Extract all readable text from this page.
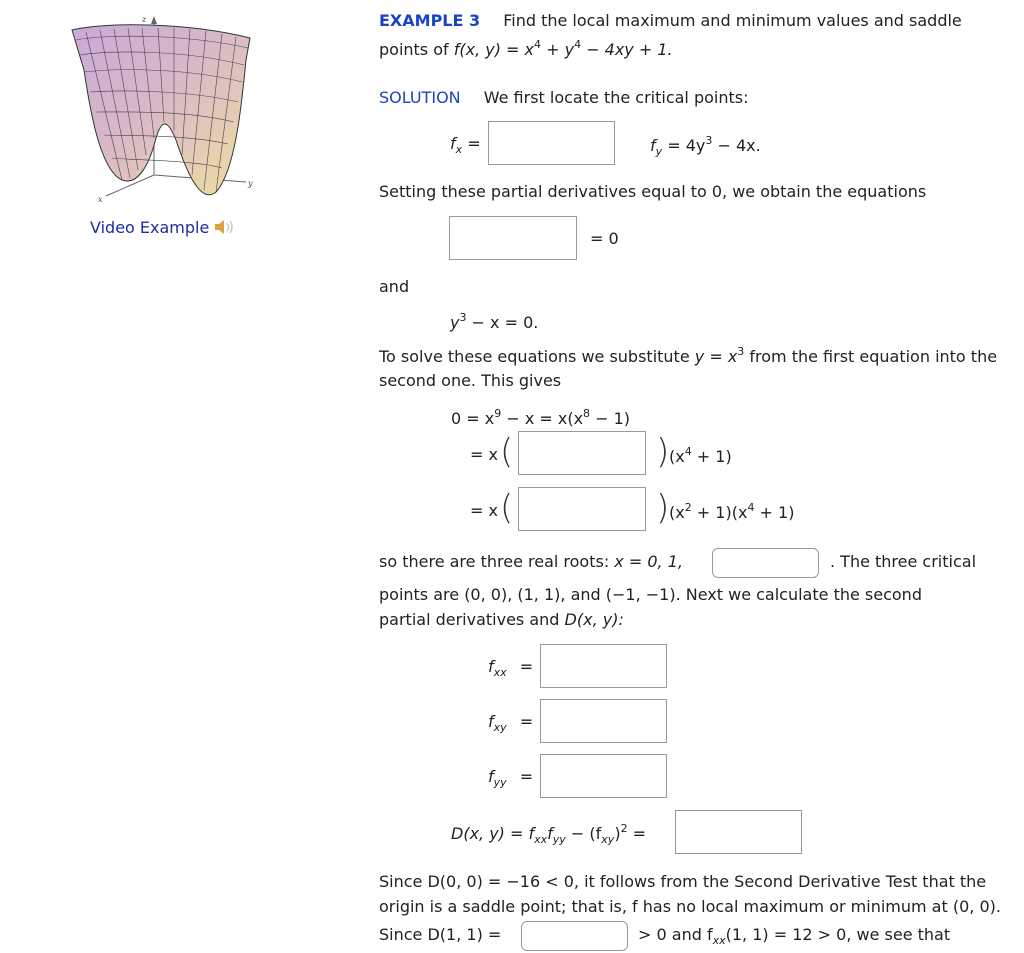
z
x
y
Video Example
EXAMPLE 3 Find the local maximum and minimum values and saddle
points of f(x, $y) = x^4 + y^4 - 4xy + 1$.
SOLUTION We first locate the critical points:
$f_x$ =	$f_y = 4y^3 - 4x$.
Setting these partial derivatives equal to 0, we obtain the equations
= 0
and
$y^3 - x = 0$.
To solve these equations we substitute $y = x^3$ from the first equation into the
second one. This gives
$0 = x^9 - x = x(x^8 - 1)$
= x (	) $(x^4 + 1)$
= x (	) $(x^2 + 1)(x^4 + 1)$
so there are three real roots: x = 0, 1,	. The three critical
points are (0, 0), (1, 1), and (−1, −1). Next we calculate the second
partial derivatives and D(x, y):
$f_{xx}$ =
$f_{xy}$ =
$f_{yy}$ =
D(x, $y) = f_{xx}f_{yy} - (f_{xy})^2$ =
Since D(0, 0) = −16 < 0, it follows from the Second Derivative Test that the
origin is a saddle point; that is, f has no local maximum or minimum at (0, 0).
Since D(1, 1) =	> 0 and $f_{xx}(1$, 1) = 12 > 0, we see that
